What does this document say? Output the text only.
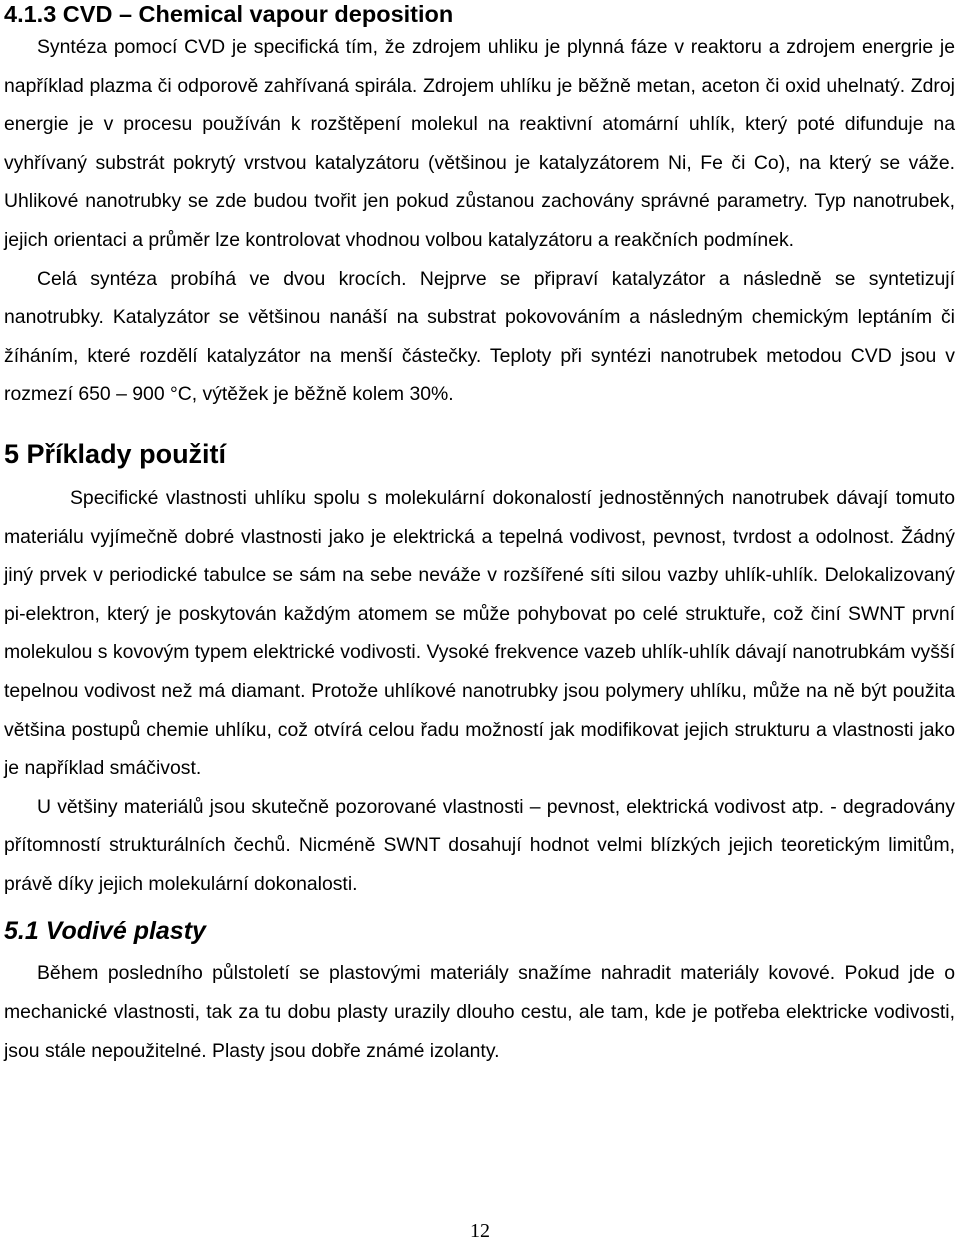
4.1.3 CVD – Chemical vapour deposition

Syntéza pomocí CVD je specifická tím, že zdrojem uhliku je plynná fáze v reaktoru a zdrojem energrie je například plazma či odporově zahřívaná spirála. Zdrojem uhlíku je běžně metan, aceton či oxid uhelnatý. Zdroj energie je v procesu používán k rozštěpení molekul na reaktivní atomární uhlík, který poté difunduje na vyhřívaný substrát pokrytý vrstvou katalyzátoru (většinou je katalyzátorem Ni, Fe či Co), na který se váže. Uhlikové nanotrubky se zde budou tvořit jen pokud zůstanou zachovány správné parametry. Typ nanotrubek, jejich orientaci a průměr lze kontrolovat vhodnou volbou katalyzátoru a reakčních podmínek.

Celá syntéza probíhá ve dvou krocích. Nejprve se připraví katalyzátor a následně se syntetizují nanotrubky. Katalyzátor se většinou nanáší na substrat pokovováním a následným chemickým leptáním či žíháním, které rozdělí katalyzátor na menší částečky. Teploty při syntézi nanotrubek metodou CVD jsou v rozmezí 650 – 900 °C, výtěžek je běžně kolem 30%.

5 Příklady použití

Specifické vlastnosti uhlíku spolu s molekulární dokonalostí jednostěnných nanotrubek dávají tomuto materiálu vyjímečně dobré vlastnosti jako je elektrická a tepelná vodivost, pevnost, tvrdost a odolnost. Žádný jiný prvek v periodické tabulce se sám na sebe neváže v rozšířené síti silou vazby uhlík-uhlík. Delokalizovaný pi-elektron, který je poskytován každým atomem se může pohybovat po celé struktuře, což činí SWNT první molekulou s kovovým typem elektrické vodivosti. Vysoké frekvence vazeb uhlík-uhlík dávají nanotrubkám vyšší tepelnou vodivost než má diamant. Protože uhlíkové nanotrubky jsou polymery uhlíku, může na ně být použita většina postupů chemie uhlíku, což otvírá celou řadu možností jak modifikovat jejich strukturu a vlastnosti jako je například smáčivost.

U většiny materiálů jsou skutečně pozorované vlastnosti – pevnost, elektrická vodivost atp. - degradovány přítomností strukturálních čechů. Nicméně SWNT dosahují hodnot velmi blízkých jejich teoretickým limitům, právě díky jejich molekulární dokonalosti.

5.1 Vodivé plasty

Během posledního půlstoletí se plastovými materiály snažíme nahradit materiály kovové. Pokud jde o mechanické vlastnosti, tak za tu dobu plasty urazily dlouho cestu, ale tam, kde je potřeba elektricke vodivosti, jsou stále nepoužitelné. Plasty jsou dobře známé izolanty.

12
